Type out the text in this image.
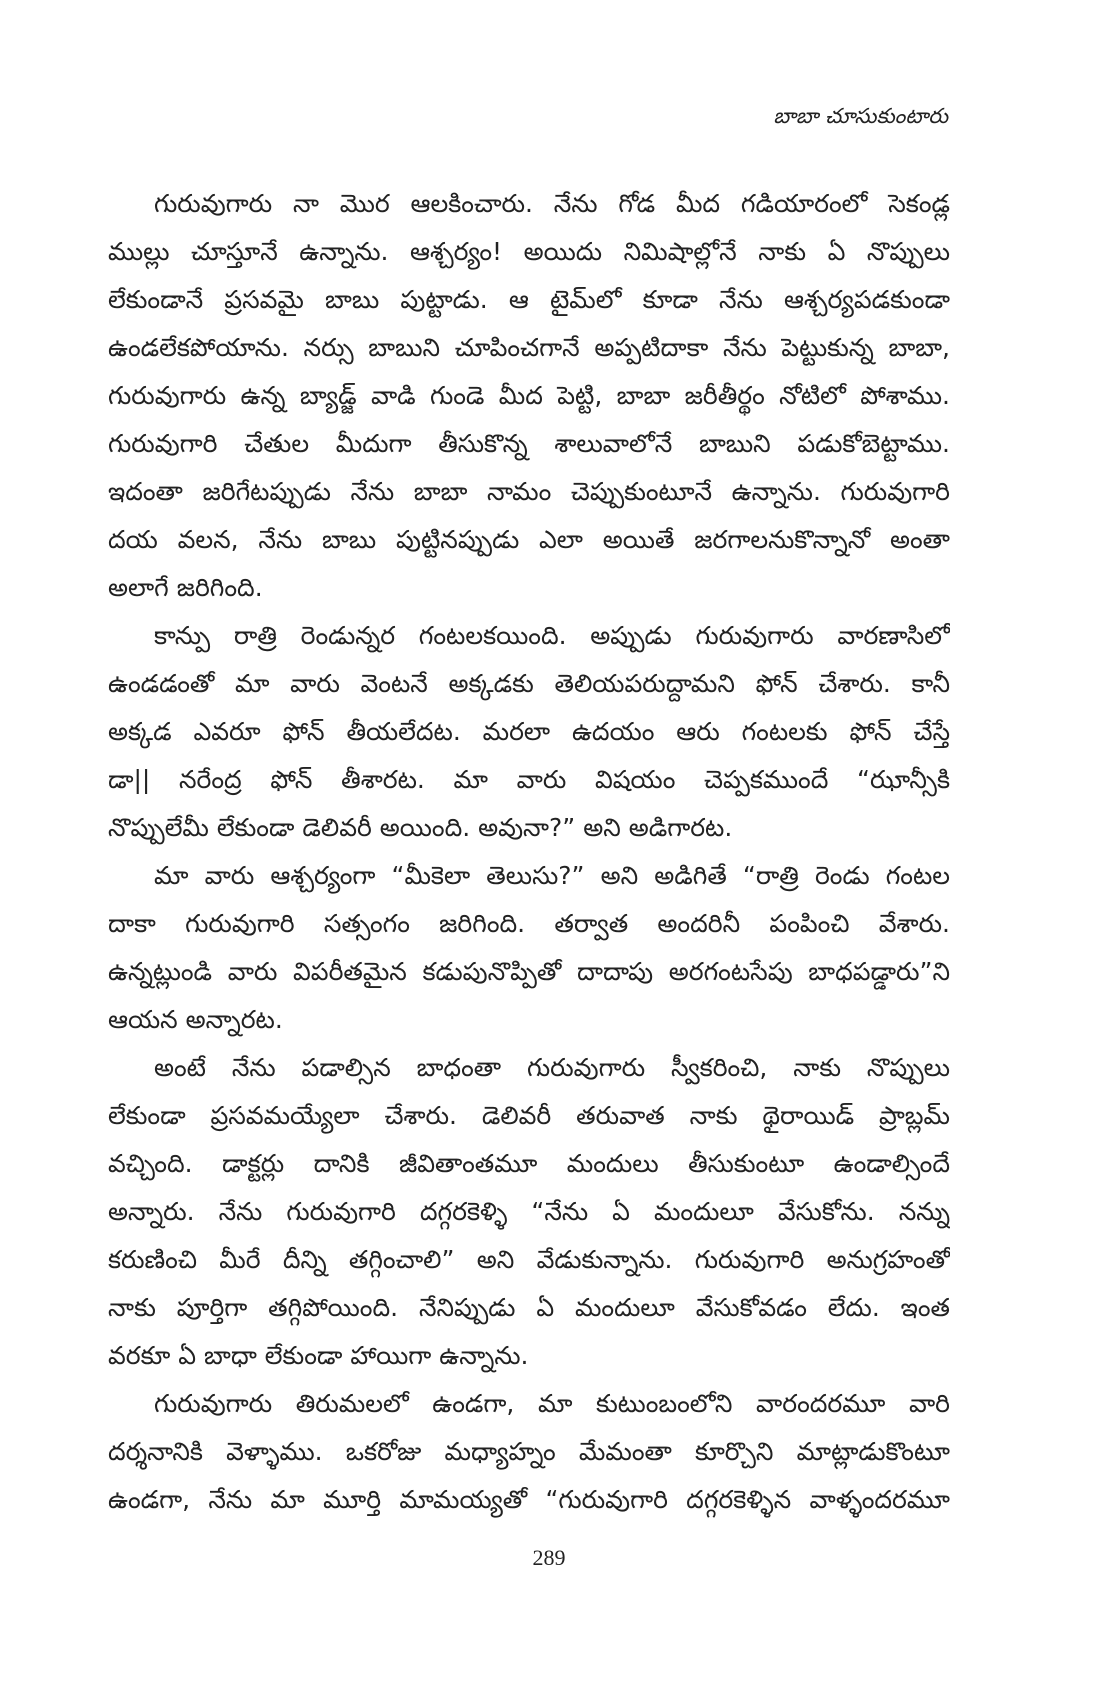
బాబా చూసుకుంటారు
గురువుగారు నా మొర ఆలకించారు. నేను గోడ మీద గడియారంలో సెకండ్ల
ముల్లు చూస్తూనే ఉన్నాను. ఆశ్చర్యం! అయిదు నిమిషాల్లోనే నాకు ఏ నొప్పులు
లేకుండానే ప్రసవమై బాబు పుట్టాడు. ఆ టైమ్‌లో కూడా నేను ఆశ్చర్యపడకుండా
ఉండలేకపోయాను. నర్సు బాబుని చూపించగానే అప్పటిదాకా నేను పెట్టుకున్న బాబా,
గురువుగారు ఉన్న బ్యాడ్జ్ వాడి గుండె మీద పెట్టి, బాబా జరీతీర్థం నోటిలో పోశాము.
గురువుగారి చేతుల మీదుగా తీసుకొన్న శాలువాలోనే బాబుని పడుకోబెట్టాము.
ఇదంతా జరిగేటప్పుడు నేను బాబా నామం చెప్పుకుంటూనే ఉన్నాను. గురువుగారి
దయ వలన, నేను బాబు పుట్టినప్పుడు ఎలా అయితే జరగాలనుకొన్నానో అంతా
అలాగే జరిగింది.
కాన్పు రాత్రి రెండున్నర గంటలకయింది. అప్పుడు గురువుగారు వారణాసిలో
ఉండడంతో మా వారు వెంటనే అక్కడకు తెలియపరుద్దామని ఫోన్ చేశారు. కానీ
అక్కడ ఎవరూ ఫోన్ తీయలేదట. మరలా ఉదయం ఆరు గంటలకు ఫోన్ చేస్తే
డా|| నరేంద్ర ఫోన్ తీశారట. మా వారు విషయం చెప్పకముందే “ఝాన్సీకి
నొప్పులేమీ లేకుండా డెలివరీ అయింది. అవునా?” అని అడిగారట.
మా వారు ఆశ్చర్యంగా “మీకెలా తెలుసు?” అని అడిగితే “రాత్రి రెండు గంటల
దాకా గురువుగారి సత్సంగం జరిగింది. తర్వాత అందరినీ పంపించి వేశారు.
ఉన్నట్లుండి వారు విపరీతమైన కడుపునొప్పితో దాదాపు అరగంటసేపు బాధపడ్డారు”ని
ఆయన అన్నారట.
అంటే నేను పడాల్సిన బాధంతా గురువుగారు స్వీకరించి, నాకు నొప్పులు
లేకుండా ప్రసవమయ్యేలా చేశారు. డెలివరీ తరువాత నాకు థైరాయిడ్ ప్రాబ్లమ్
వచ్చింది. డాక్టర్లు దానికి జీవితాంతమూ మందులు తీసుకుంటూ ఉండాల్సిందే
అన్నారు. నేను గురువుగారి దగ్గరకెళ్ళి “నేను ఏ మందులూ వేసుకోను. నన్ను
కరుణించి మీరే దీన్ని తగ్గించాలి” అని వేడుకున్నాను. గురువుగారి అనుగ్రహంతో
నాకు పూర్తిగా తగ్గిపోయింది. నేనిప్పుడు ఏ మందులూ వేసుకోవడం లేదు. ఇంత
వరకూ ఏ బాధా లేకుండా హాయిగా ఉన్నాను.
గురువుగారు తిరుమలలో ఉండగా, మా కుటుంబంలోని వారందరమూ వారి
దర్శనానికి వెళ్ళాము. ఒకరోజు మధ్యాహ్నం మేమంతా కూర్చొని మాట్లాడుకొంటూ
ఉండగా, నేను మా మూర్తి మామయ్యతో “గురువుగారి దగ్గరకెళ్ళిన వాళ్ళందరమూ
289
